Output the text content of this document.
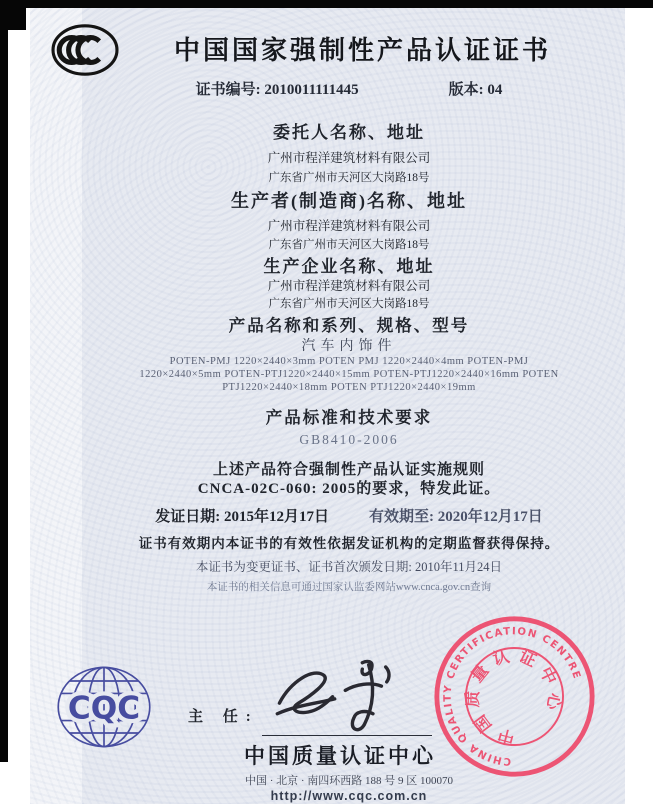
中国国家强制性产品认证证书
证书编号: 2010011111445	版本: 04
委托人名称、地址
广州市程洋建筑材料有限公司
广东省广州市天河区大岗路18号
生产者(制造商)名称、地址
广州市程洋建筑材料有限公司
广东省广州市天河区大岗路18号
生产企业名称、地址
广州市程洋建筑材料有限公司
广东省广州市天河区大岗路18号
产品名称和系列、规格、型号
汽车内饰件
POTEN-PMJ 1220×2440×3mm POTEN PMJ 1220×2440×4mm POTEN-PMJ
1220×2440×5mm POTEN-PTJ1220×2440×15mm POTEN-PTJ1220×2440×16mm POTEN
PTJ1220×2440×18mm POTEN PTJ1220×2440×19mm
产品标准和技术要求
GB8410-2006
上述产品符合强制性产品认证实施规则
CNCA-02C-060: 2005的要求，特发此证。
发证日期: 2015年12月17日	有效期至: 2020年12月17日
证书有效期内本证书的有效性依据发证机构的定期监督获得保持。
本证书为变更证书、证书首次颁发日期: 2010年11月24日
本证书的相关信息可通过国家认监委网站www.cnca.gov.cn查询
CQC	主 任:
中国质量认证中心
中国 · 北京 · 南四环西路 188 号 9 区 100070
http://www.cqc.com.cn
CHINA QUALITY CERTIFICATION CENTRE
中国质量认证中心
